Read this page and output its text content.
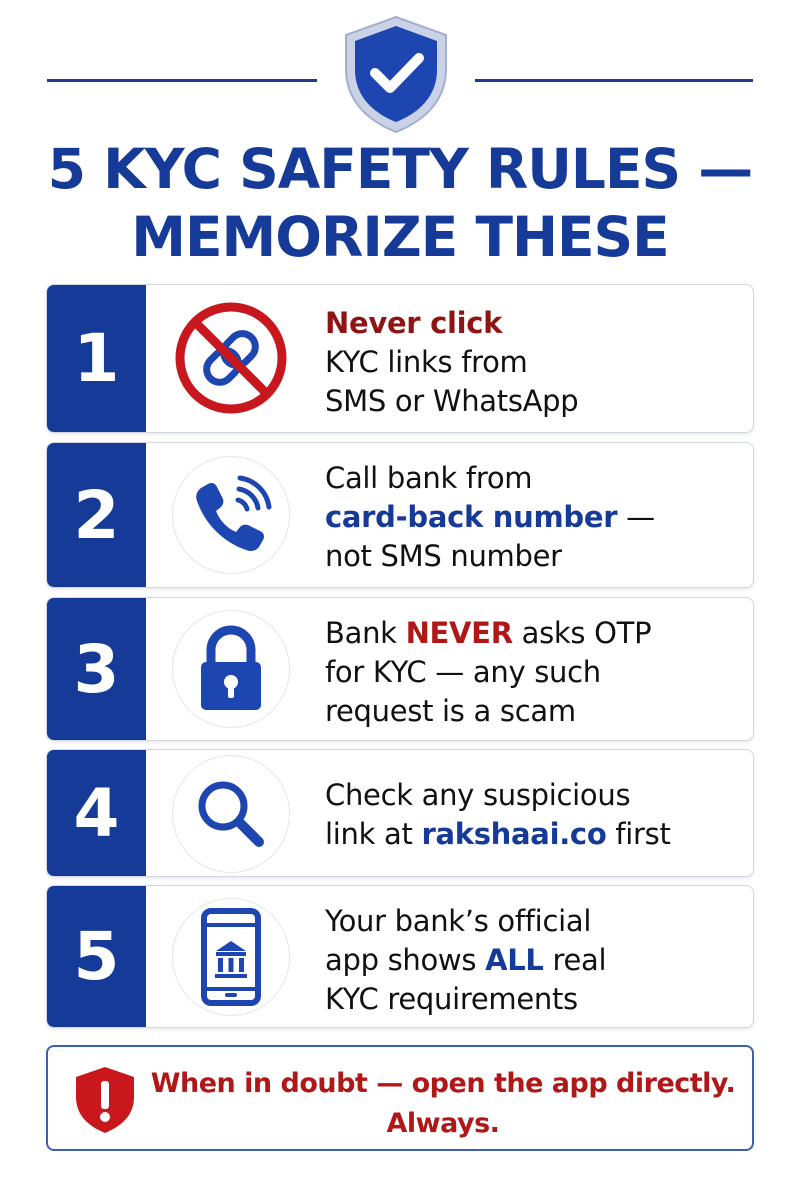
5 KYC SAFETY RULES —
MEMORIZE THESE
1	Never click
KYC links from
SMS or WhatsApp
2	Call bank from
card-back number —
not SMS number
3	Bank NEVER asks OTP
for KYC — any such
request is a scam
4	Check any suspicious
link at rakshaai.co first
5	Your bank’s official
app shows ALL real
KYC requirements
When in doubt — open the app directly.
Always.
